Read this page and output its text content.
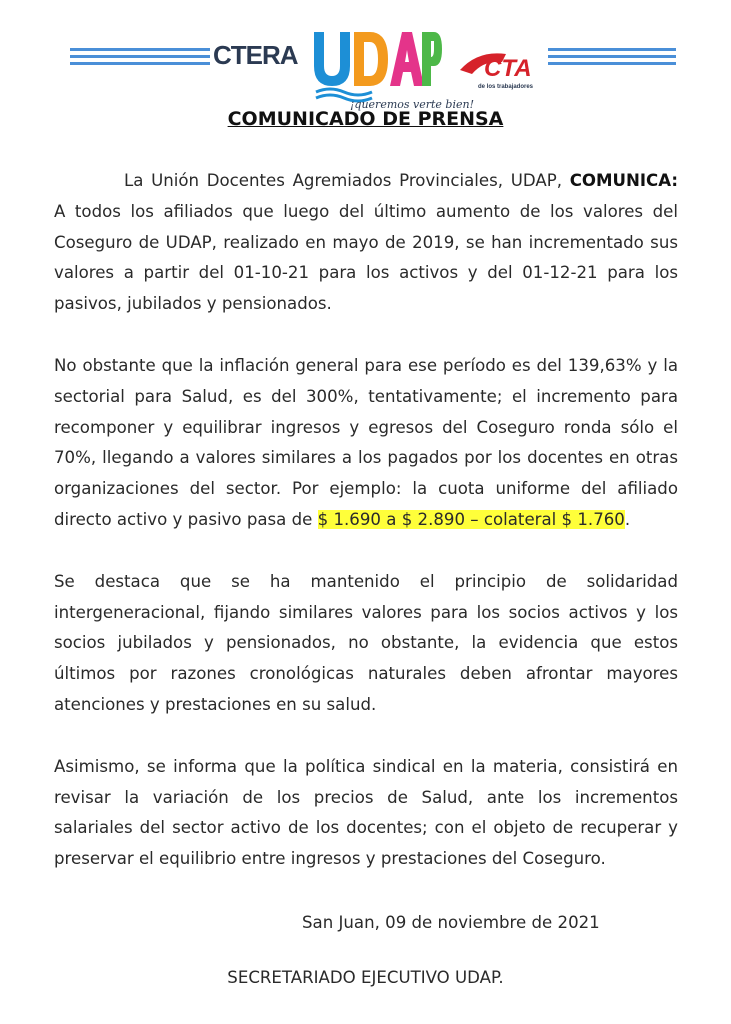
CTERA
¡queremos verte bien!
CTA
de los trabajadores
COMUNICADO DE PRENSA

La Unión Docentes Agremiados Provinciales, UDAP, COMUNICA: A todos los afiliados que luego del último aumento de los valores del Coseguro de UDAP, realizado en mayo de 2019, se han incrementado sus valores a partir del 01-10-21 para los activos y del 01-12-21 para los pasivos, jubilados y pensionados.

No obstante que la inflación general para ese período es del 139,63% y la sectorial para Salud, es del 300%, tentativamente; el incremento para recomponer y equilibrar ingresos y egresos del Coseguro ronda sólo el 70%, llegando a valores similares a los pagados por los docentes en otras organizaciones del sector. Por ejemplo: la cuota uniforme del afiliado directo activo y pasivo pasa de $ 1.690 a $ 2.890 – colateral $ 1.760.

Se destaca que se ha mantenido el principio de solidaridad intergeneracional, fijando similares valores para los socios activos y los socios jubilados y pensionados, no obstante, la evidencia que estos últimos por razones cronológicas naturales deben afrontar mayores atenciones y prestaciones en su salud.

Asimismo, se informa que la política sindical en la materia, consistirá en revisar la variación de los precios de Salud, ante los incrementos salariales del sector activo de los docentes; con el objeto de recuperar y preservar el equilibrio entre ingresos y prestaciones del Coseguro.

San Juan, 09 de noviembre de 2021
SECRETARIADO EJECUTIVO UDAP.
